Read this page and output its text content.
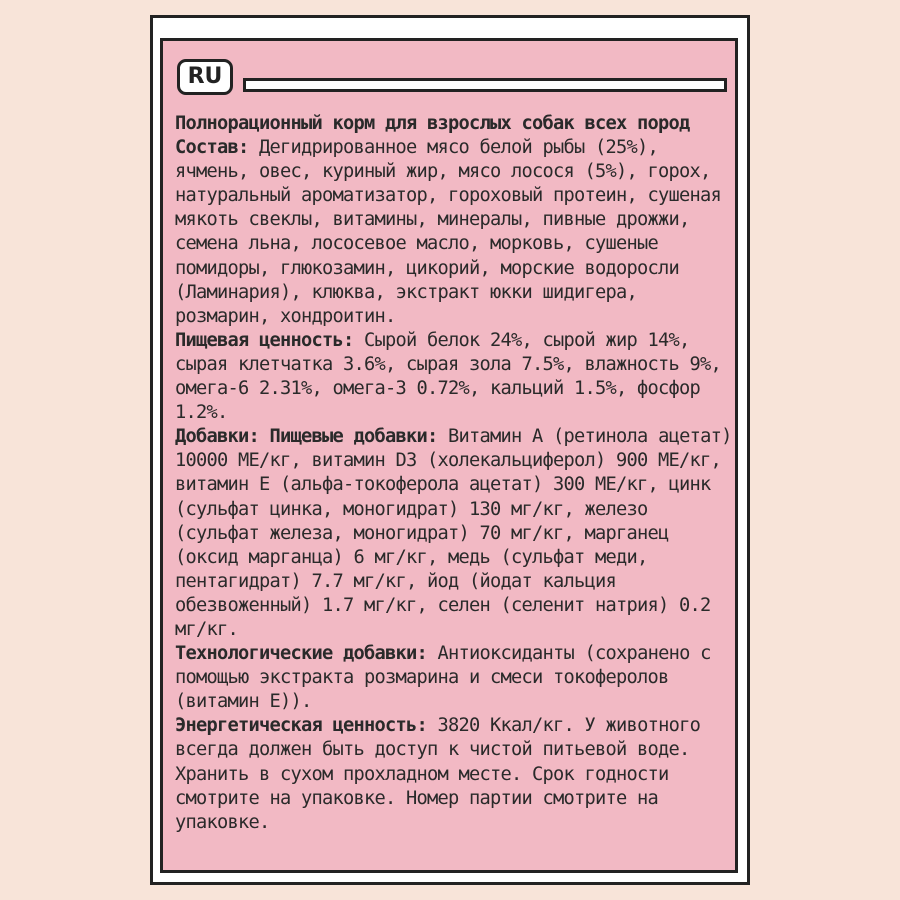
RU

Полнорационный корм для взрослых собак всех пород

Состав: Дегидрированное мясо белой рыбы (25%), ячмень, овес, куриный жир, мясо лосося (5%), горох, натуральный ароматизатор, гороховый протеин, сушеная мякоть свеклы, витамины, минералы, пивные дрожжи, семена льна, лососевое масло, морковь, сушеные помидоры, глюкозамин, цикорий, морские водоросли (Ламинария), клюква, экстракт юкки шидигера, розмарин, хондроитин.

Пищевая ценность: Сырой белок 24%, сырой жир 14%, сырая клетчатка 3.6%, сырая зола 7.5%, влажность 9%, омега-6 2.31%, омега-3 0.72%, кальций 1.5%, фосфор 1.2%.

Добавки: Пищевые добавки: Витамин А (ретинола ацетат) 10000 МЕ/кг, витамин D3 (холекальциферол) 900 МЕ/кг, витамин Е (альфа-токоферола ацетат) 300 МЕ/кг, цинк (сульфат цинка, моногидрат) 130 мг/кг, железо (сульфат железа, моногидрат) 70 мг/кг, марганец (оксид марганца) 6 мг/кг, медь (сульфат меди, пентагидрат) 7.7 мг/кг, йод (йодат кальция обезвоженный) 1.7 мг/кг, селен (селенит натрия) 0.2 мг/кг.

Технологические добавки: Антиоксиданты (сохранено с помощью экстракта розмарина и смеси токоферолов (витамин Е)).

Энергетическая ценность: 3820 Ккал/кг. У животного всегда должен быть доступ к чистой питьевой воде. Хранить в сухом прохладном месте. Срок годности смотрите на упаковке. Номер партии смотрите на упаковке.
